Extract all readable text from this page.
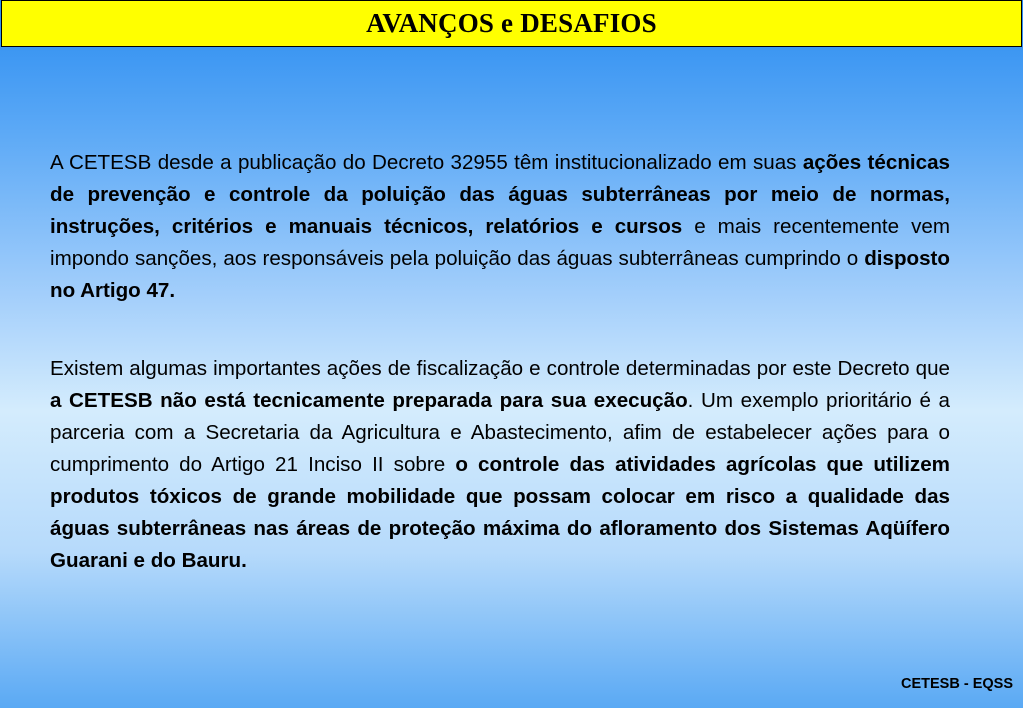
AVANÇOS e DESAFIOS

A CETESB desde a publicação do Decreto 32955 têm institucionalizado em suas ações técnicas de prevenção e controle da poluição das águas subterrâneas por meio de normas, instruções, critérios e manuais técnicos, relatórios e cursos e mais recentemente vem impondo sanções, aos responsáveis pela poluição das águas subterrâneas cumprindo o disposto no Artigo 47.

Existem algumas importantes ações de fiscalização e controle determinadas por este Decreto que a CETESB não está tecnicamente preparada para sua execução. Um exemplo prioritário é a parceria com a Secretaria da Agricultura e Abastecimento, afim de estabelecer ações para o cumprimento do Artigo 21 Inciso II sobre o controle das atividades agrícolas que utilizem produtos tóxicos de grande mobilidade que possam colocar em risco a qualidade das águas subterrâneas nas áreas de proteção máxima do afloramento dos Sistemas Aqüífero Guarani e do Bauru.

CETESB - EQSS
